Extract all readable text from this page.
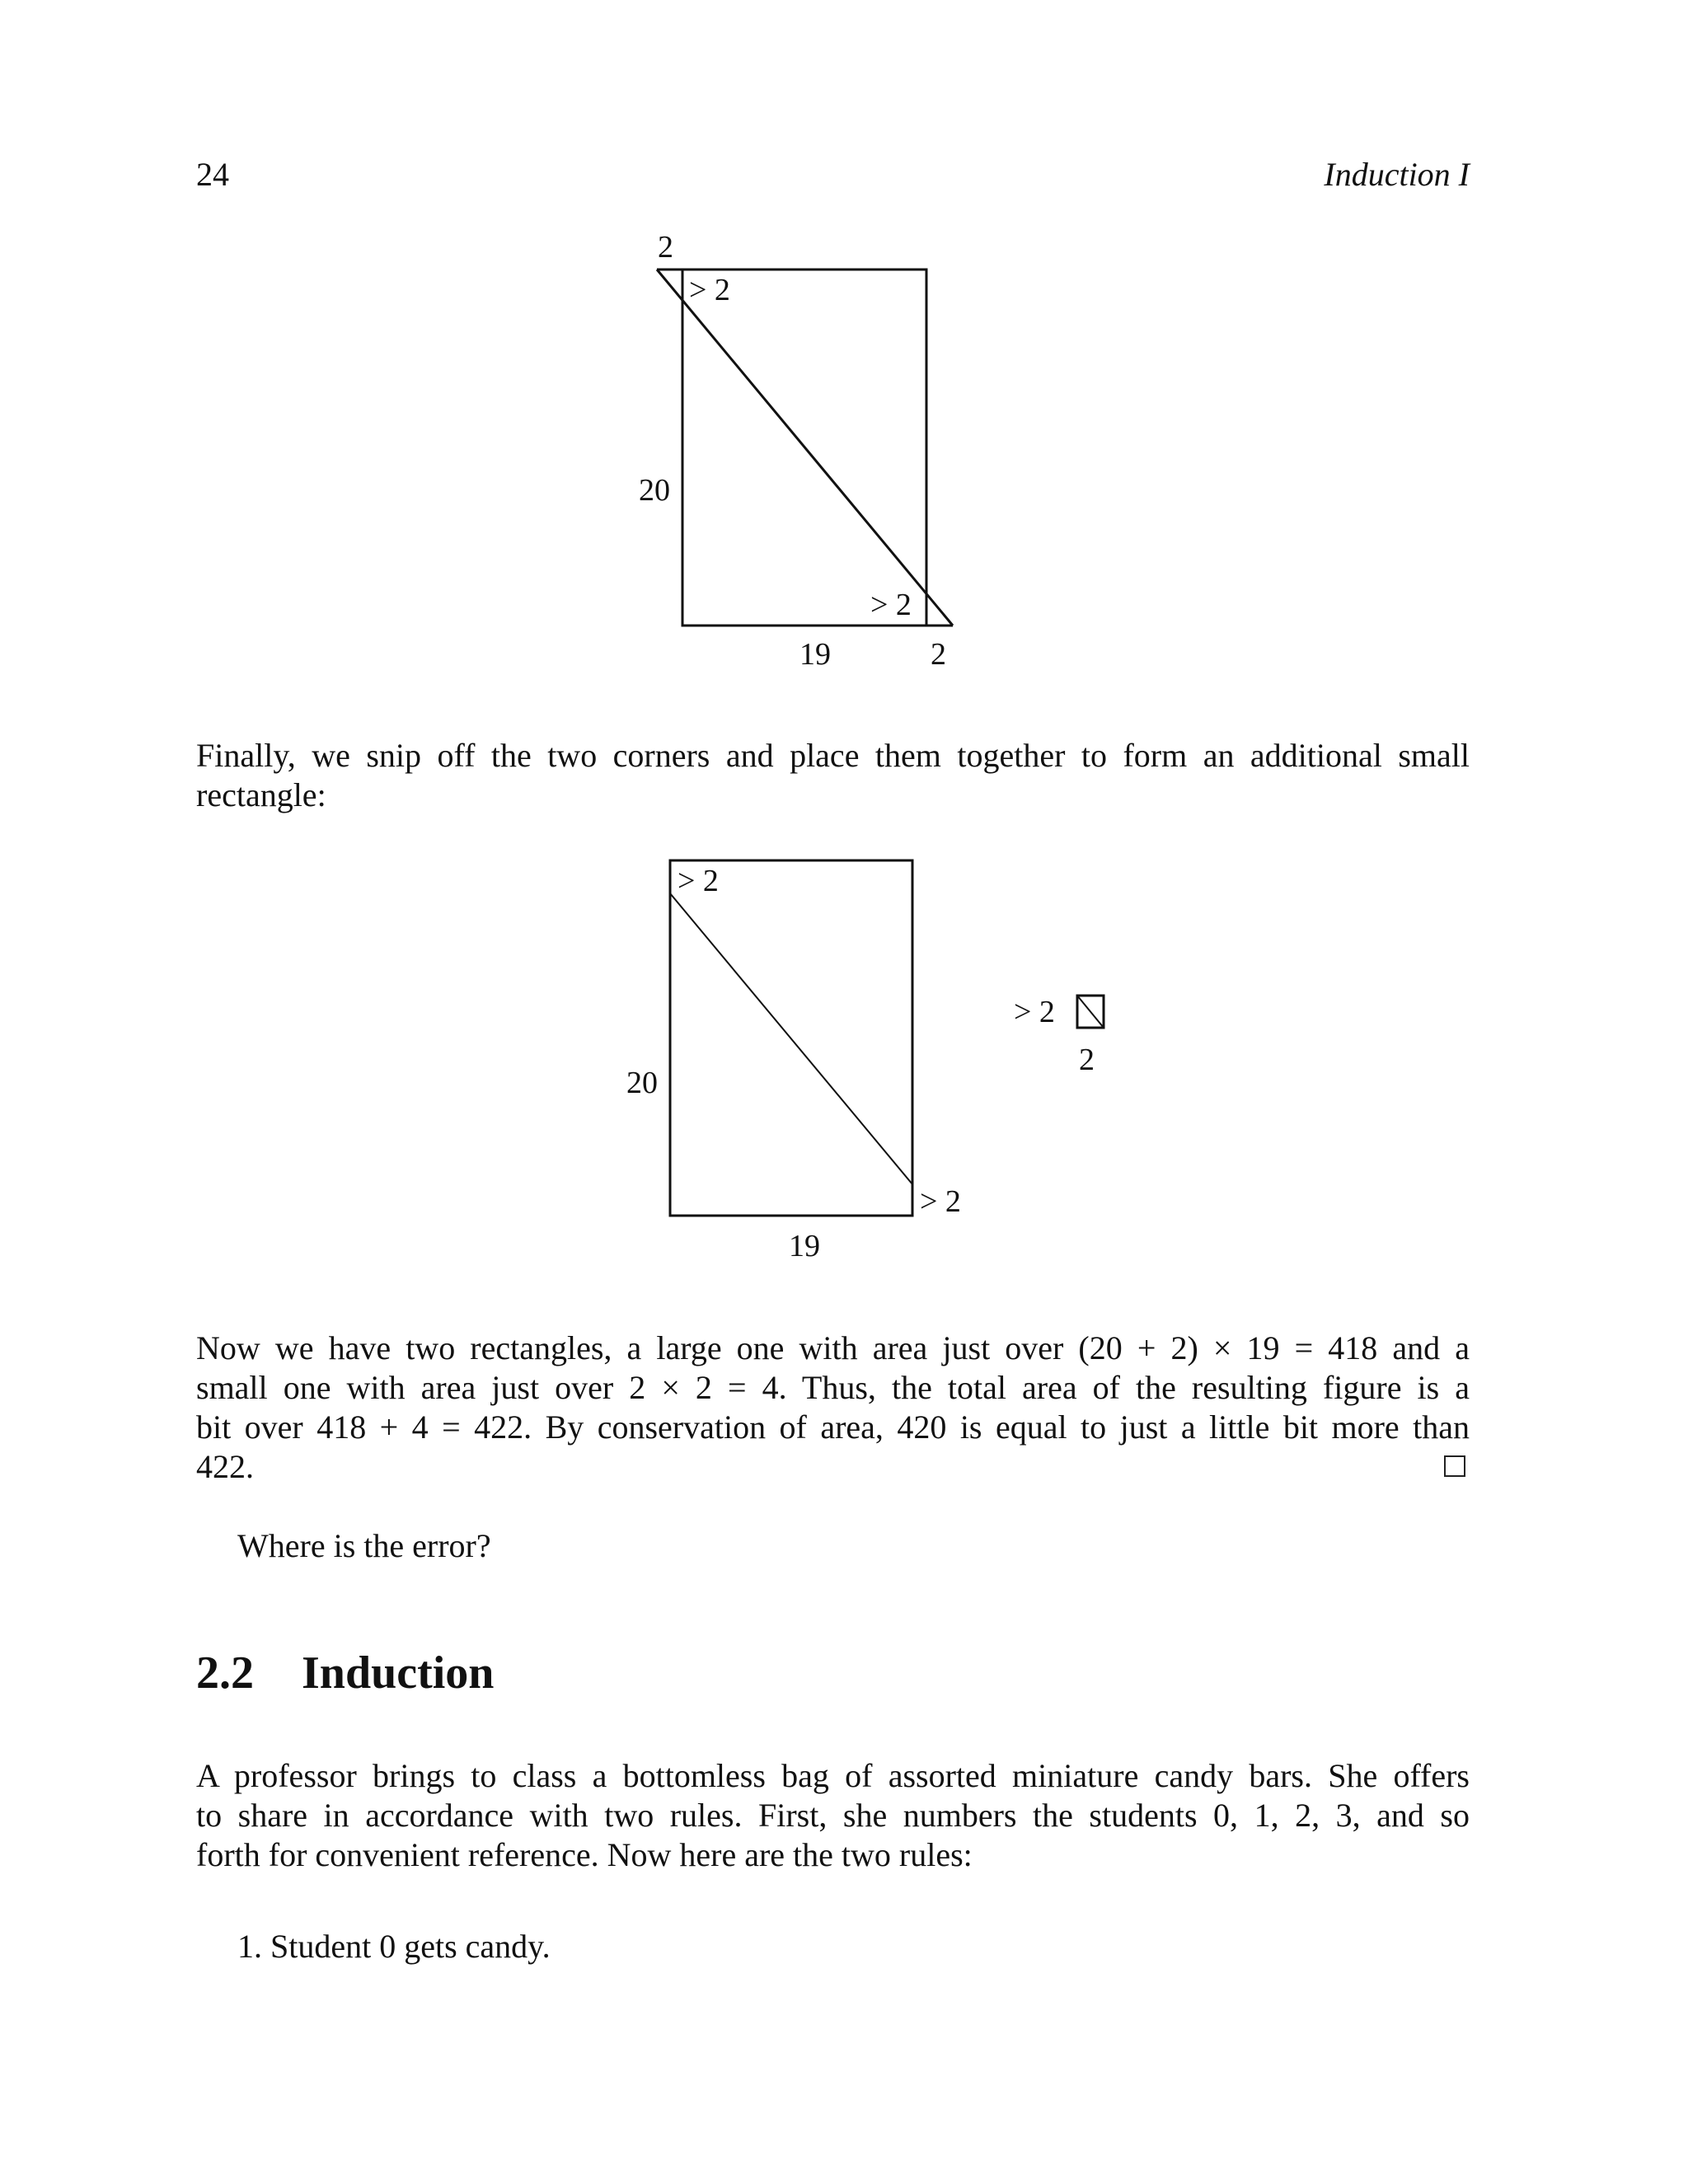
24	Induction I
2
> 2
20
> 2
19	2
Finally, we snip off the two corners and place them together to form an additional small
rectangle:
> 2
20
> 2
19
> 2
2
Now we have two rectangles, a large one with area just over (20 + 2) × 19 = 418 and a
small one with area just over 2 × 2 = 4. Thus, the total area of the resulting figure is a
bit over 418 + 4 = 422. By conservation of area, 420 is equal to just a little bit more than
422.
Where is the error?
2.2 Induction
A professor brings to class a bottomless bag of assorted miniature candy bars. She offers
to share in accordance with two rules. First, she numbers the students 0, 1, 2, 3, and so
forth for convenient reference. Now here are the two rules:
1. Student 0 gets candy.
